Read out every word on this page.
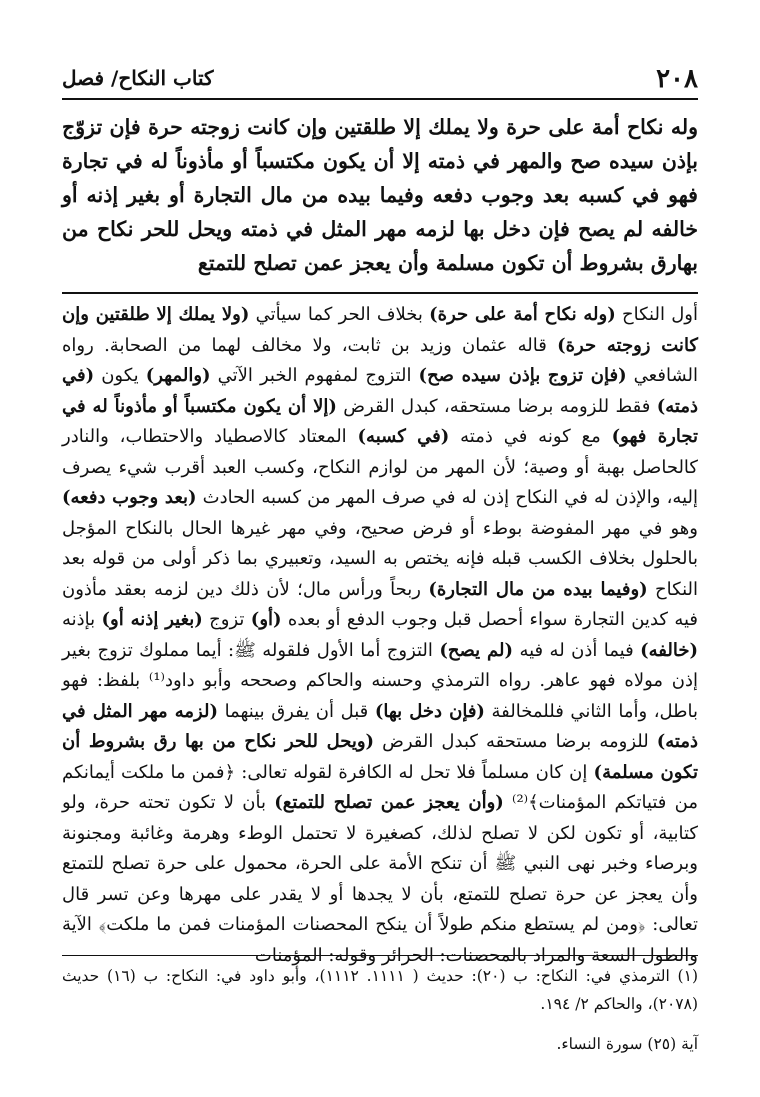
٢٠٨
كتاب النكاح/ فصل

وله نكاح أمة على حرة ولا يملك إلا طلقتين وإن كانت زوجته حرة فإن تزوّج بإذن سيده صح والمهر في ذمته إلا أن يكون مكتسباً أو مأذوناً له في تجارة فهو في كسبه بعد وجوب دفعه وفيما بيده من مال التجارة أو بغير إذنه أو خالفه لم يصح فإن دخل بها لزمه مهر المثل في ذمته ويحل للحر نكاح من بهارق بشروط أن تكون مسلمة وأن يعجز عمن تصلح للتمتع

أول النكاح (وله نكاح أمة على حرة) بخلاف الحر كما سيأتي (ولا يملك إلا طلقتين وإن كانت زوجته حرة) قاله عثمان وزيد بن ثابت، ولا مخالف لهما من الصحابة. رواه الشافعي (فإن تزوج بإذن سيده صح) التزوج لمفهوم الخبر الآتي (والمهر) يكون (في ذمته) فقط للزومه برضا مستحقه، كبدل القرض (إلا أن يكون مكتسباً أو مأذوناً له في تجارة فهو) مع كونه في ذمته (في كسبه) المعتاد كالاصطياد والاحتطاب، والنادر كالحاصل بهبة أو وصية؛ لأن المهر من لوازم النكاح، وكسب العبد أقرب شيء يصرف إليه، والإذن له في النكاح إذن له في صرف المهر من كسبه الحادث (بعد وجوب دفعه) وهو في مهر المفوضة بوطء أو فرض صحيح، وفي مهر غيرها الحال بالنكاح المؤجل بالحلول بخلاف الكسب قبله فإنه يختص به السيد، وتعبيري بما ذكر أولى من قوله بعد النكاح (وفيما بيده من مال التجارة) ربحاً ورأس مال؛ لأن ذلك دين لزمه بعقد مأذون فيه كدين التجارة سواء أحصل قبل وجوب الدفع أو بعده (أو) تزوج (بغير إذنه أو) بإذنه (خالفه) فيما أذن له فيه (لم يصح) التزوج أما الأول فلقوله ﷺ: أيما مملوك تزوج بغير إذن مولاه فهو عاهر. رواه الترمذي وحسنه والحاكم وصححه وأبو داود⁽¹⁾ بلفظ: فهو باطل، وأما الثاني فللمخالفة (فإن دخل بها) قبل أن يفرق بينهما (لزمه مهر المثل في ذمته) للزومه برضا مستحقه كبدل القرض (ويحل للحر نكاح من بها رق بشروط أن تكون مسلمة) إن كان مسلماً فلا تحل له الكافرة لقوله تعالى: ﴿فمن ما ملكت أيمانكم من فتياتكم المؤمنات﴾⁽²⁾ (وأن يعجز عمن تصلح للتمتع) بأن لا تكون تحته حرة، ولو كتابية، أو تكون لكن لا تصلح لذلك، كصغيرة لا تحتمل الوطء وهرمة وغائبة ومجنونة وبرصاء وخبر نهى النبي ﷺ أن تنكح الأمة على الحرة، محمول على حرة تصلح للتمتع وأن يعجز عن حرة تصلح للتمتع، بأن لا يجدها أو لا يقدر على مهرها وعن تسر قال تعالى: ﴿ومن لم يستطع منكم طولاً أن ينكح المحصنات المؤمنات فمن ما ملكت﴾ الآية والطول السعة والمراد بالمحصنات: الحرائر وقوله: المؤمنات

(١) الترمذي في: النكاح: ب (٢٠): حديث ( ١١١١. ١١١٢)، وأبو داود في: النكاح: ب (١٦) حديث (٢٠٧٨)، والحاكم ٢/ ١٩٤.

آية (٢٥) سورة النساء.
